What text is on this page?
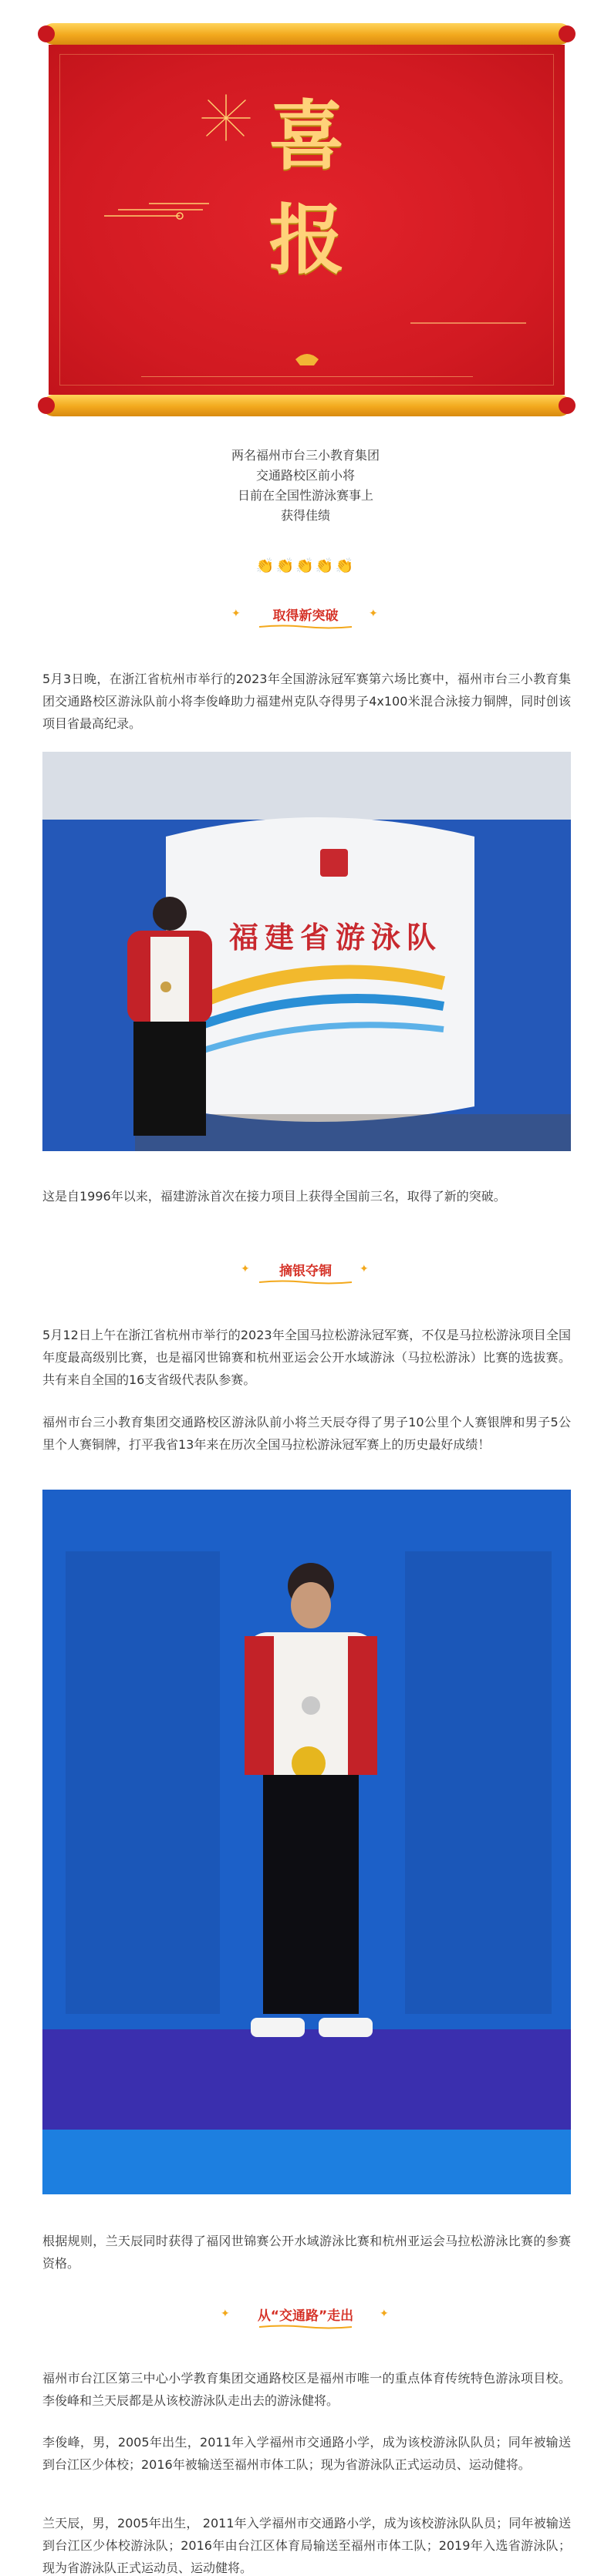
喜
报
两名福州市台三小教育集团
交通路校区前小将
日前在全国性游泳赛事上
获得佳绩
👏👏👏👏👏
✦	取得新突破	✦
5月3日晚，在浙江省杭州市举行的2023年全国游泳冠军赛第六场比赛中，福州市台三小教育集团交通路校区游泳队前小将李俊峰助力福建州克队夺得男子4x100米混合泳接力铜牌，同时创该项目省最高纪录。
福建省游泳队
这是自1996年以来，福建游泳首次在接力项目上获得全国前三名，取得了新的突破。
✦	摘银夺铜	✦
5月12日上午在浙江省杭州市举行的2023年全国马拉松游泳冠军赛，不仅是马拉松游泳项目全国年度最高级别比赛，也是福冈世锦赛和杭州亚运会公开水域游泳（马拉松游泳）比赛的选拔赛。共有来自全国的16支省级代表队参赛。
福州市台三小教育集团交通路校区游泳队前小将兰天辰夺得了男子10公里个人赛银牌和男子5公里个人赛铜牌，打平我省13年来在历次全国马拉松游泳冠军赛上的历史最好成绩！
根据规则，兰天辰同时获得了福冈世锦赛公开水域游泳比赛和杭州亚运会马拉松游泳比赛的参赛资格。
✦	从“交通路”走出	✦
福州市台江区第三中心小学教育集团交通路校区是福州市唯一的重点体育传统特色游泳项目校。李俊峰和兰天辰都是从该校游泳队走出去的游泳健将。
李俊峰，男，2005年出生，2011年入学福州市交通路小学，成为该校游泳队队员；同年被输送到台江区少体校；2016年被输送至福州市体工队；现为省游泳队正式运动员、运动健将。
兰天辰，男，2005年出生， 2011年入学福州市交通路小学，成为该校游泳队队员；同年被输送到台江区少体校游泳队；2016年由台江区体育局输送至福州市体工队；2019年入选省游泳队；现为省游泳队正式运动员、运动健将。
